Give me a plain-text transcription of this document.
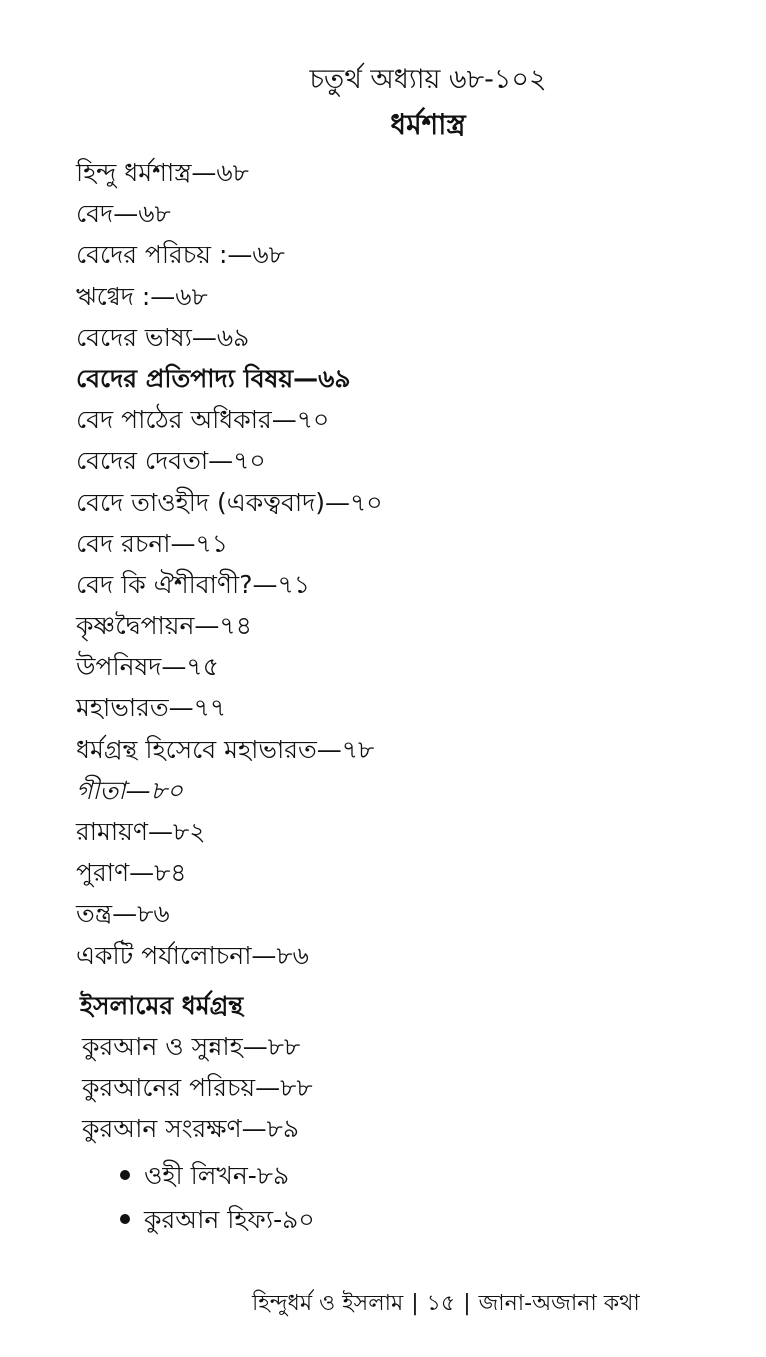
চতুর্থ অধ্যায় ৬৮-১০২
ধর্মশাস্ত্র
হিন্দু ধর্মশাস্ত্র—৬৮
বেদ—৬৮
বেদের পরিচয় :—৬৮
ঋগ্বেদ :—৬৮
বেদের ভাষ্য—৬৯
বেদের প্রতিপাদ্য বিষয়—৬৯
বেদ পাঠের অধিকার—৭০
বেদের দেবতা—৭০
বেদে তাওহীদ (একত্ববাদ)—৭০
বেদ রচনা—৭১
বেদ কি ঐশীবাণী?—৭১
কৃষ্ণদ্বৈপায়ন—৭৪
উপনিষদ—৭৫
মহাভারত—৭৭
ধর্মগ্রন্থ হিসেবে মহাভারত—৭৮
গীতা—৮০
রামায়ণ—৮২
পুরাণ—৮৪
তন্ত্র—৮৬
একটি পর্যালোচনা—৮৬
ইসলামের ধর্মগ্রন্থ
কুরআন ও সুন্নাহ—৮৮
কুরআনের পরিচয়—৮৮
কুরআন সংরক্ষণ—৮৯
ওহী লিখন-৮৯
কুরআন হিফ্য-৯০
হিন্দুধর্ম ও ইসলাম | ১৫ | জানা-অজানা কথা
